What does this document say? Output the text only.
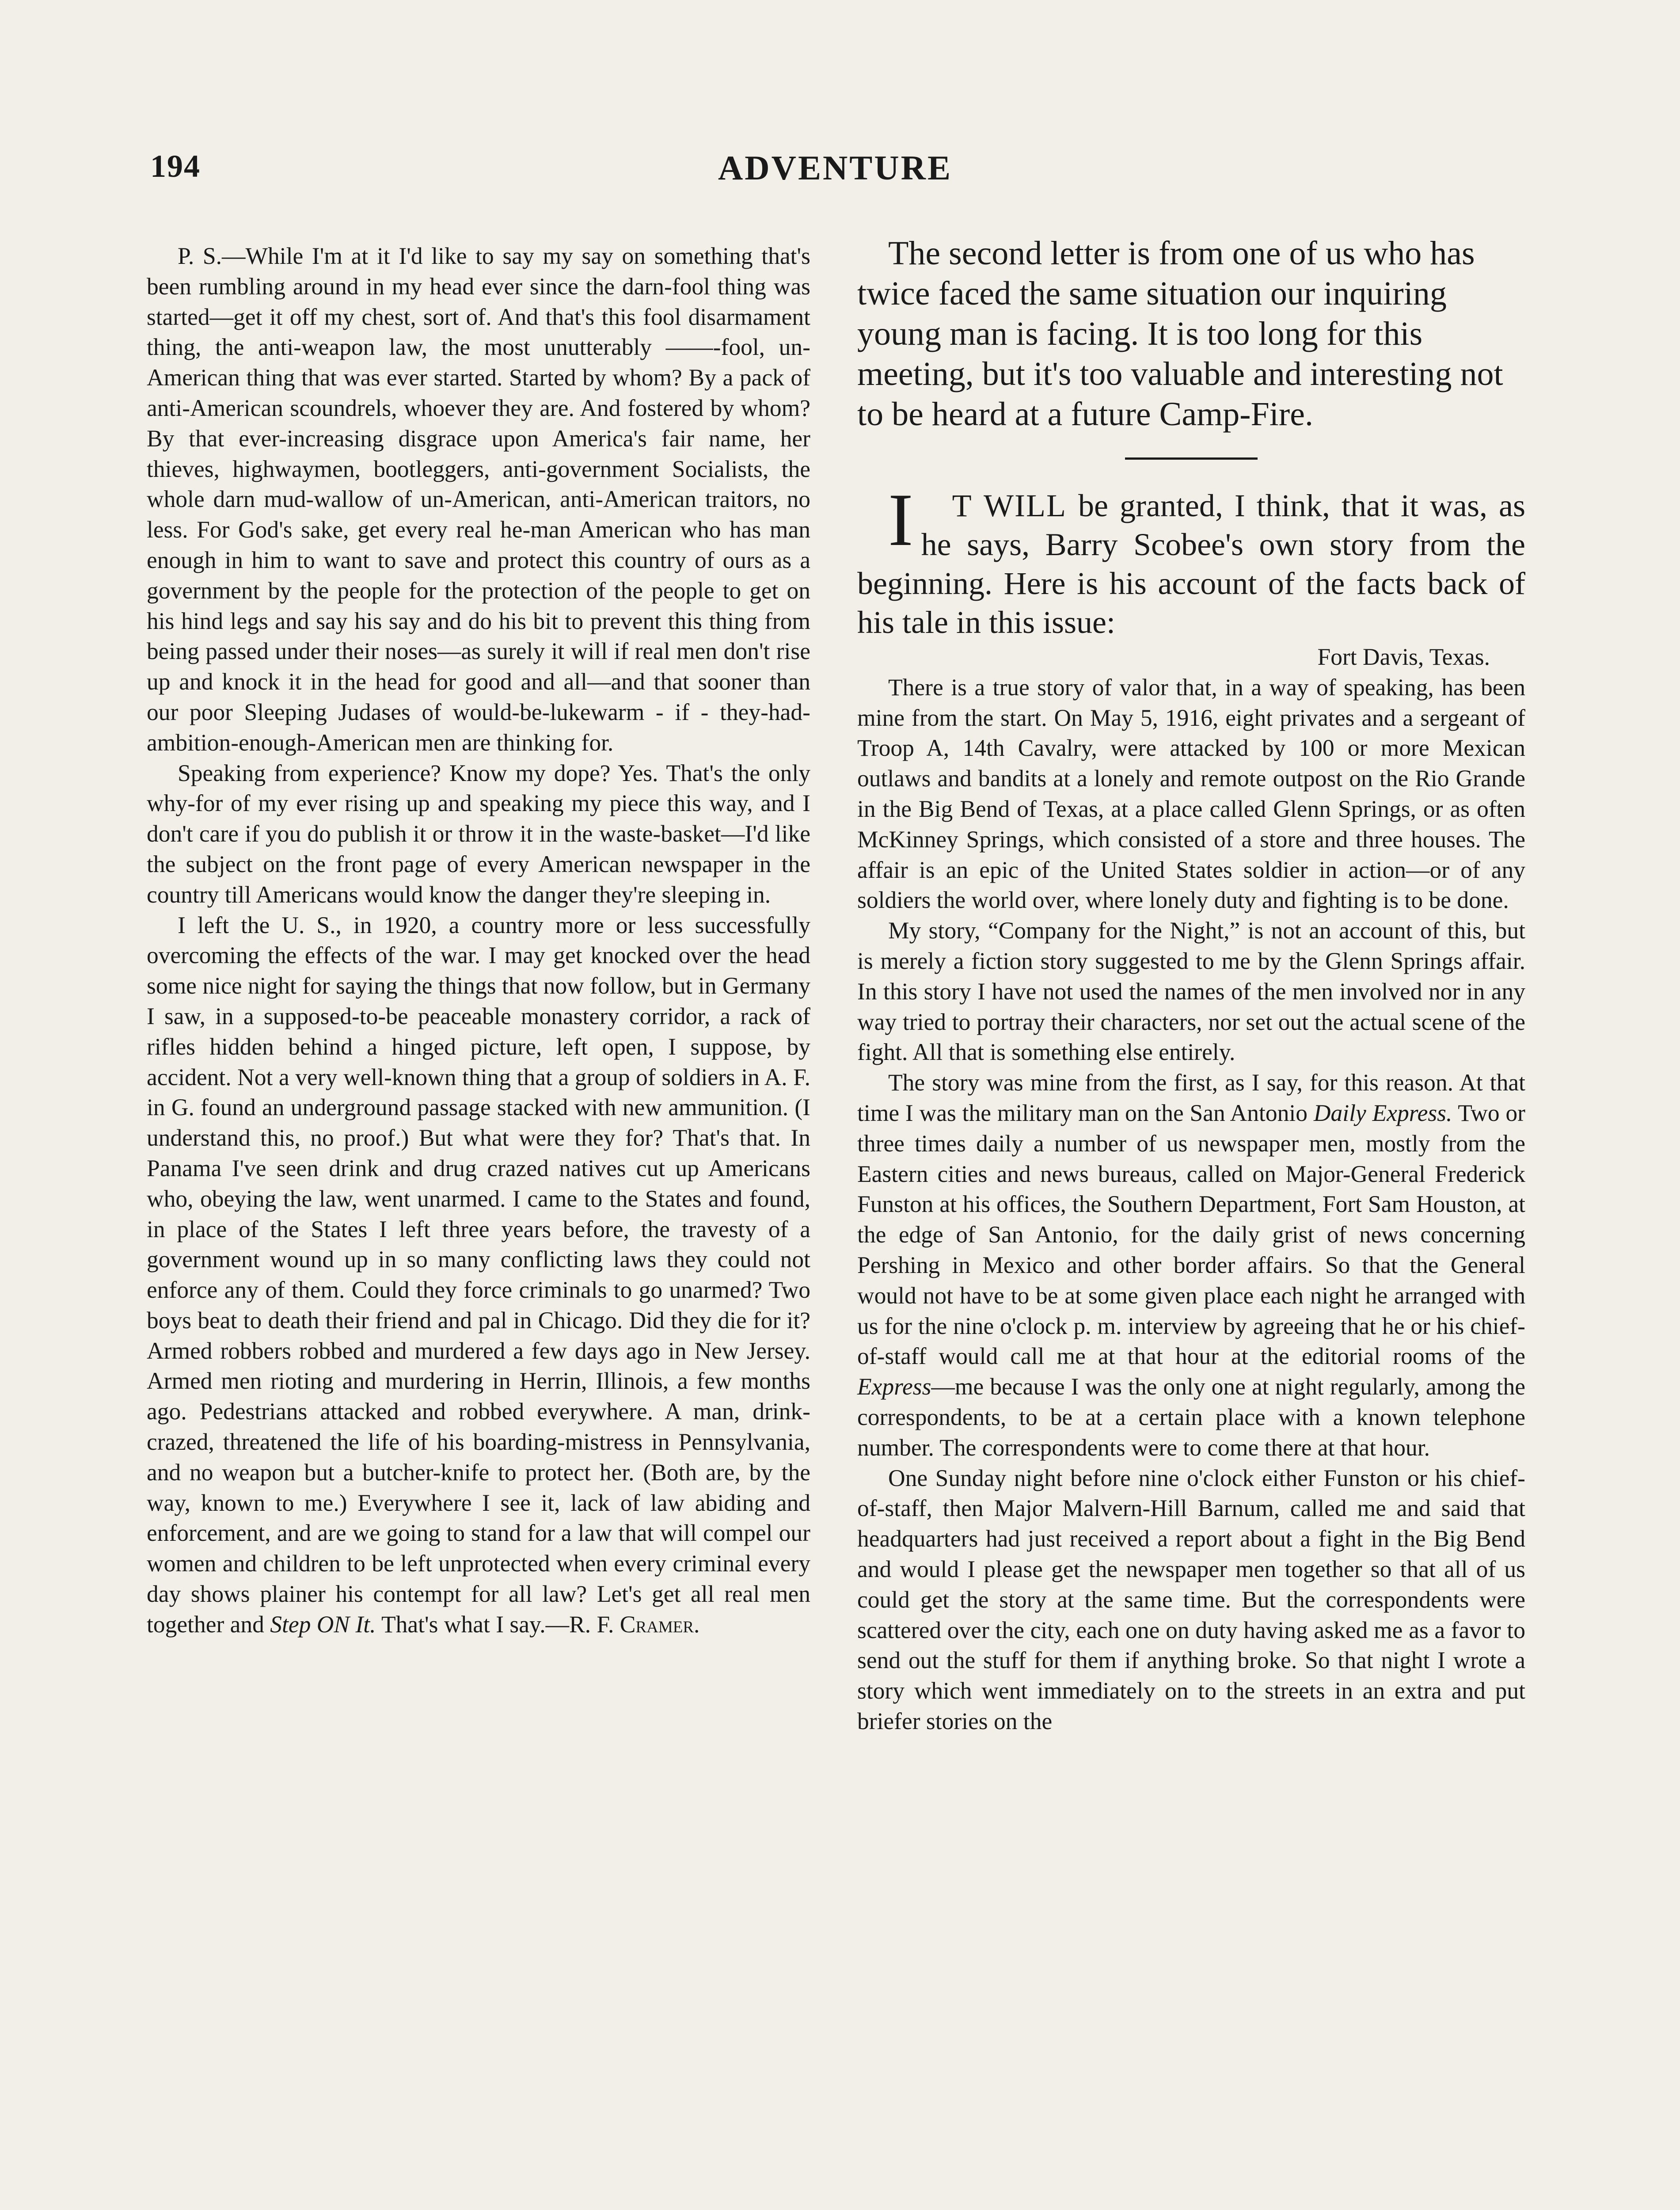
194	ADVENTURE

P. S.—While I'm at it I'd like to say my say on something that's been rumbling around in my head ever since the darn-fool thing was started—get it off my chest, sort of. And that's this fool disarmament thing, the anti-weapon law, the most unutterably ——-fool, un-American thing that was ever started. Started by whom? By a pack of anti-American scoundrels, whoever they are. And fostered by whom? By that ever-increasing disgrace upon America's fair name, her thieves, highwaymen, bootleggers, anti-government Socialists, the whole darn mud-wallow of un-American, anti-American traitors, no less. For God's sake, get every real he-man American who has man enough in him to want to save and protect this country of ours as a government by the people for the protection of the people to get on his hind legs and say his say and do his bit to prevent this thing from being passed under their noses—as surely it will if real men don't rise up and knock it in the head for good and all—and that sooner than our poor Sleeping Judases of would-be-lukewarm - if - they-had-ambition-enough-American men are thinking for.

Speaking from experience? Know my dope? Yes. That's the only why-for of my ever rising up and speaking my piece this way, and I don't care if you do publish it or throw it in the waste-basket—I'd like the subject on the front page of every American newspaper in the country till Americans would know the danger they're sleeping in.

I left the U. S., in 1920, a country more or less successfully overcoming the effects of the war. I may get knocked over the head some nice night for saying the things that now follow, but in Germany I saw, in a supposed-to-be peaceable monastery corridor, a rack of rifles hidden behind a hinged picture, left open, I suppose, by accident. Not a very well-known thing that a group of soldiers in A. F. in G. found an underground passage stacked with new ammunition. (I understand this, no proof.) But what were they for? That's that. In Panama I've seen drink and drug crazed natives cut up Americans who, obeying the law, went unarmed. I came to the States and found, in place of the States I left three years before, the travesty of a government wound up in so many conflicting laws they could not enforce any of them. Could they force criminals to go unarmed? Two boys beat to death their friend and pal in Chicago. Did they die for it? Armed robbers robbed and murdered a few days ago in New Jersey. Armed men rioting and murdering in Herrin, Illinois, a few months ago. Pedestrians attacked and robbed everywhere. A man, drink-crazed, threatened the life of his boarding-mistress in Pennsylvania, and no weapon but a butcher-knife to protect her. (Both are, by the way, known to me.) Everywhere I see it, lack of law abiding and enforcement, and are we going to stand for a law that will compel our women and children to be left unprotected when every criminal every day shows plainer his contempt for all law? Let's get all real men together and Step ON It. That's what I say.—R. F. Cramer.

The second letter is from one of us who has twice faced the same situation our inquiring young man is facing. It is too long for this meeting, but it's too valuable and interesting not to be heard at a future Camp-Fire.

I T WILL be granted, I think, that it was, as he says, Barry Scobee's own story from the beginning. Here is his account of the facts back of his tale in this issue:

Fort Davis, Texas.

There is a true story of valor that, in a way of speaking, has been mine from the start. On May 5, 1916, eight privates and a sergeant of Troop A, 14th Cavalry, were attacked by 100 or more Mexican outlaws and bandits at a lonely and remote outpost on the Rio Grande in the Big Bend of Texas, at a place called Glenn Springs, or as often McKinney Springs, which consisted of a store and three houses. The affair is an epic of the United States soldier in action—or of any soldiers the world over, where lonely duty and fighting is to be done.

My story, “Company for the Night,” is not an account of this, but is merely a fiction story suggested to me by the Glenn Springs affair. In this story I have not used the names of the men involved nor in any way tried to portray their characters, nor set out the actual scene of the fight. All that is something else entirely.

The story was mine from the first, as I say, for this reason. At that time I was the military man on the San Antonio Daily Express. Two or three times daily a number of us newspaper men, mostly from the Eastern cities and news bureaus, called on Major-General Frederick Funston at his offices, the Southern Department, Fort Sam Houston, at the edge of San Antonio, for the daily grist of news concerning Pershing in Mexico and other border affairs. So that the General would not have to be at some given place each night he arranged with us for the nine o'clock p. m. interview by agreeing that he or his chief-of-staff would call me at that hour at the editorial rooms of the Express—me because I was the only one at night regularly, among the correspondents, to be at a certain place with a known telephone number. The correspondents were to come there at that hour.

One Sunday night before nine o'clock either Funston or his chief-of-staff, then Major Malvern-Hill Barnum, called me and said that headquarters had just received a report about a fight in the Big Bend and would I please get the newspaper men together so that all of us could get the story at the same time. But the correspondents were scattered over the city, each one on duty having asked me as a favor to send out the stuff for them if anything broke. So that night I wrote a story which went immediately on to the streets in an extra and put briefer stories on the
